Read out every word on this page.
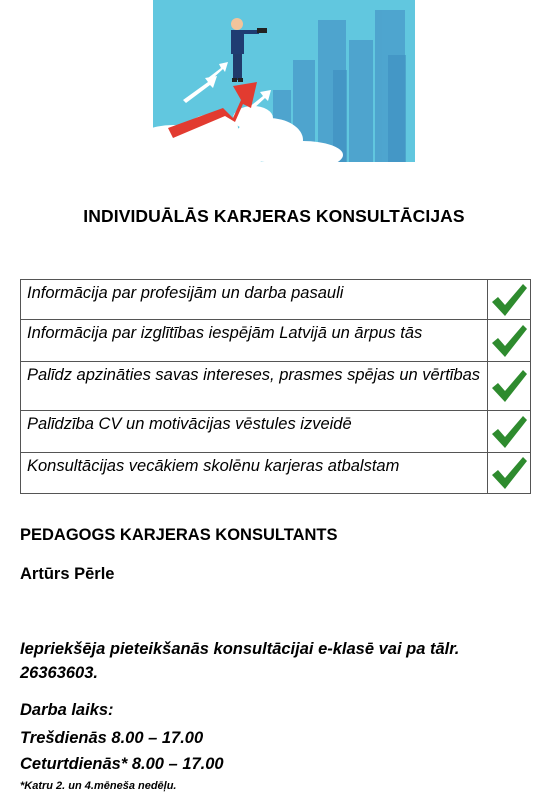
INDIVIDUĀLĀS KARJERAS KONSULTĀCIJAS
Informācija par profesijām un darba pasauli	

Informācija par izglītības iespējām Latvijā un ārpus tās	

Palīdz apzināties savas intereses, prasmes spējas un vērtības	

Palīdzība CV un motivācijas vēstules izveidē	

Konsultācijas vecākiem skolēnu karjeras atbalstam	
PEDAGOGS KARJERAS KONSULTANTS
Artūrs Pērle
Iepriekšēja pieteikšanās konsultācijai e-klasē vai pa tālr. 26363603.
Darba laiks:
Trešdienās 8.00 – 17.00
Ceturtdienās* 8.00 – 17.00
*Katru 2. un 4.mēneša nedēļu.
